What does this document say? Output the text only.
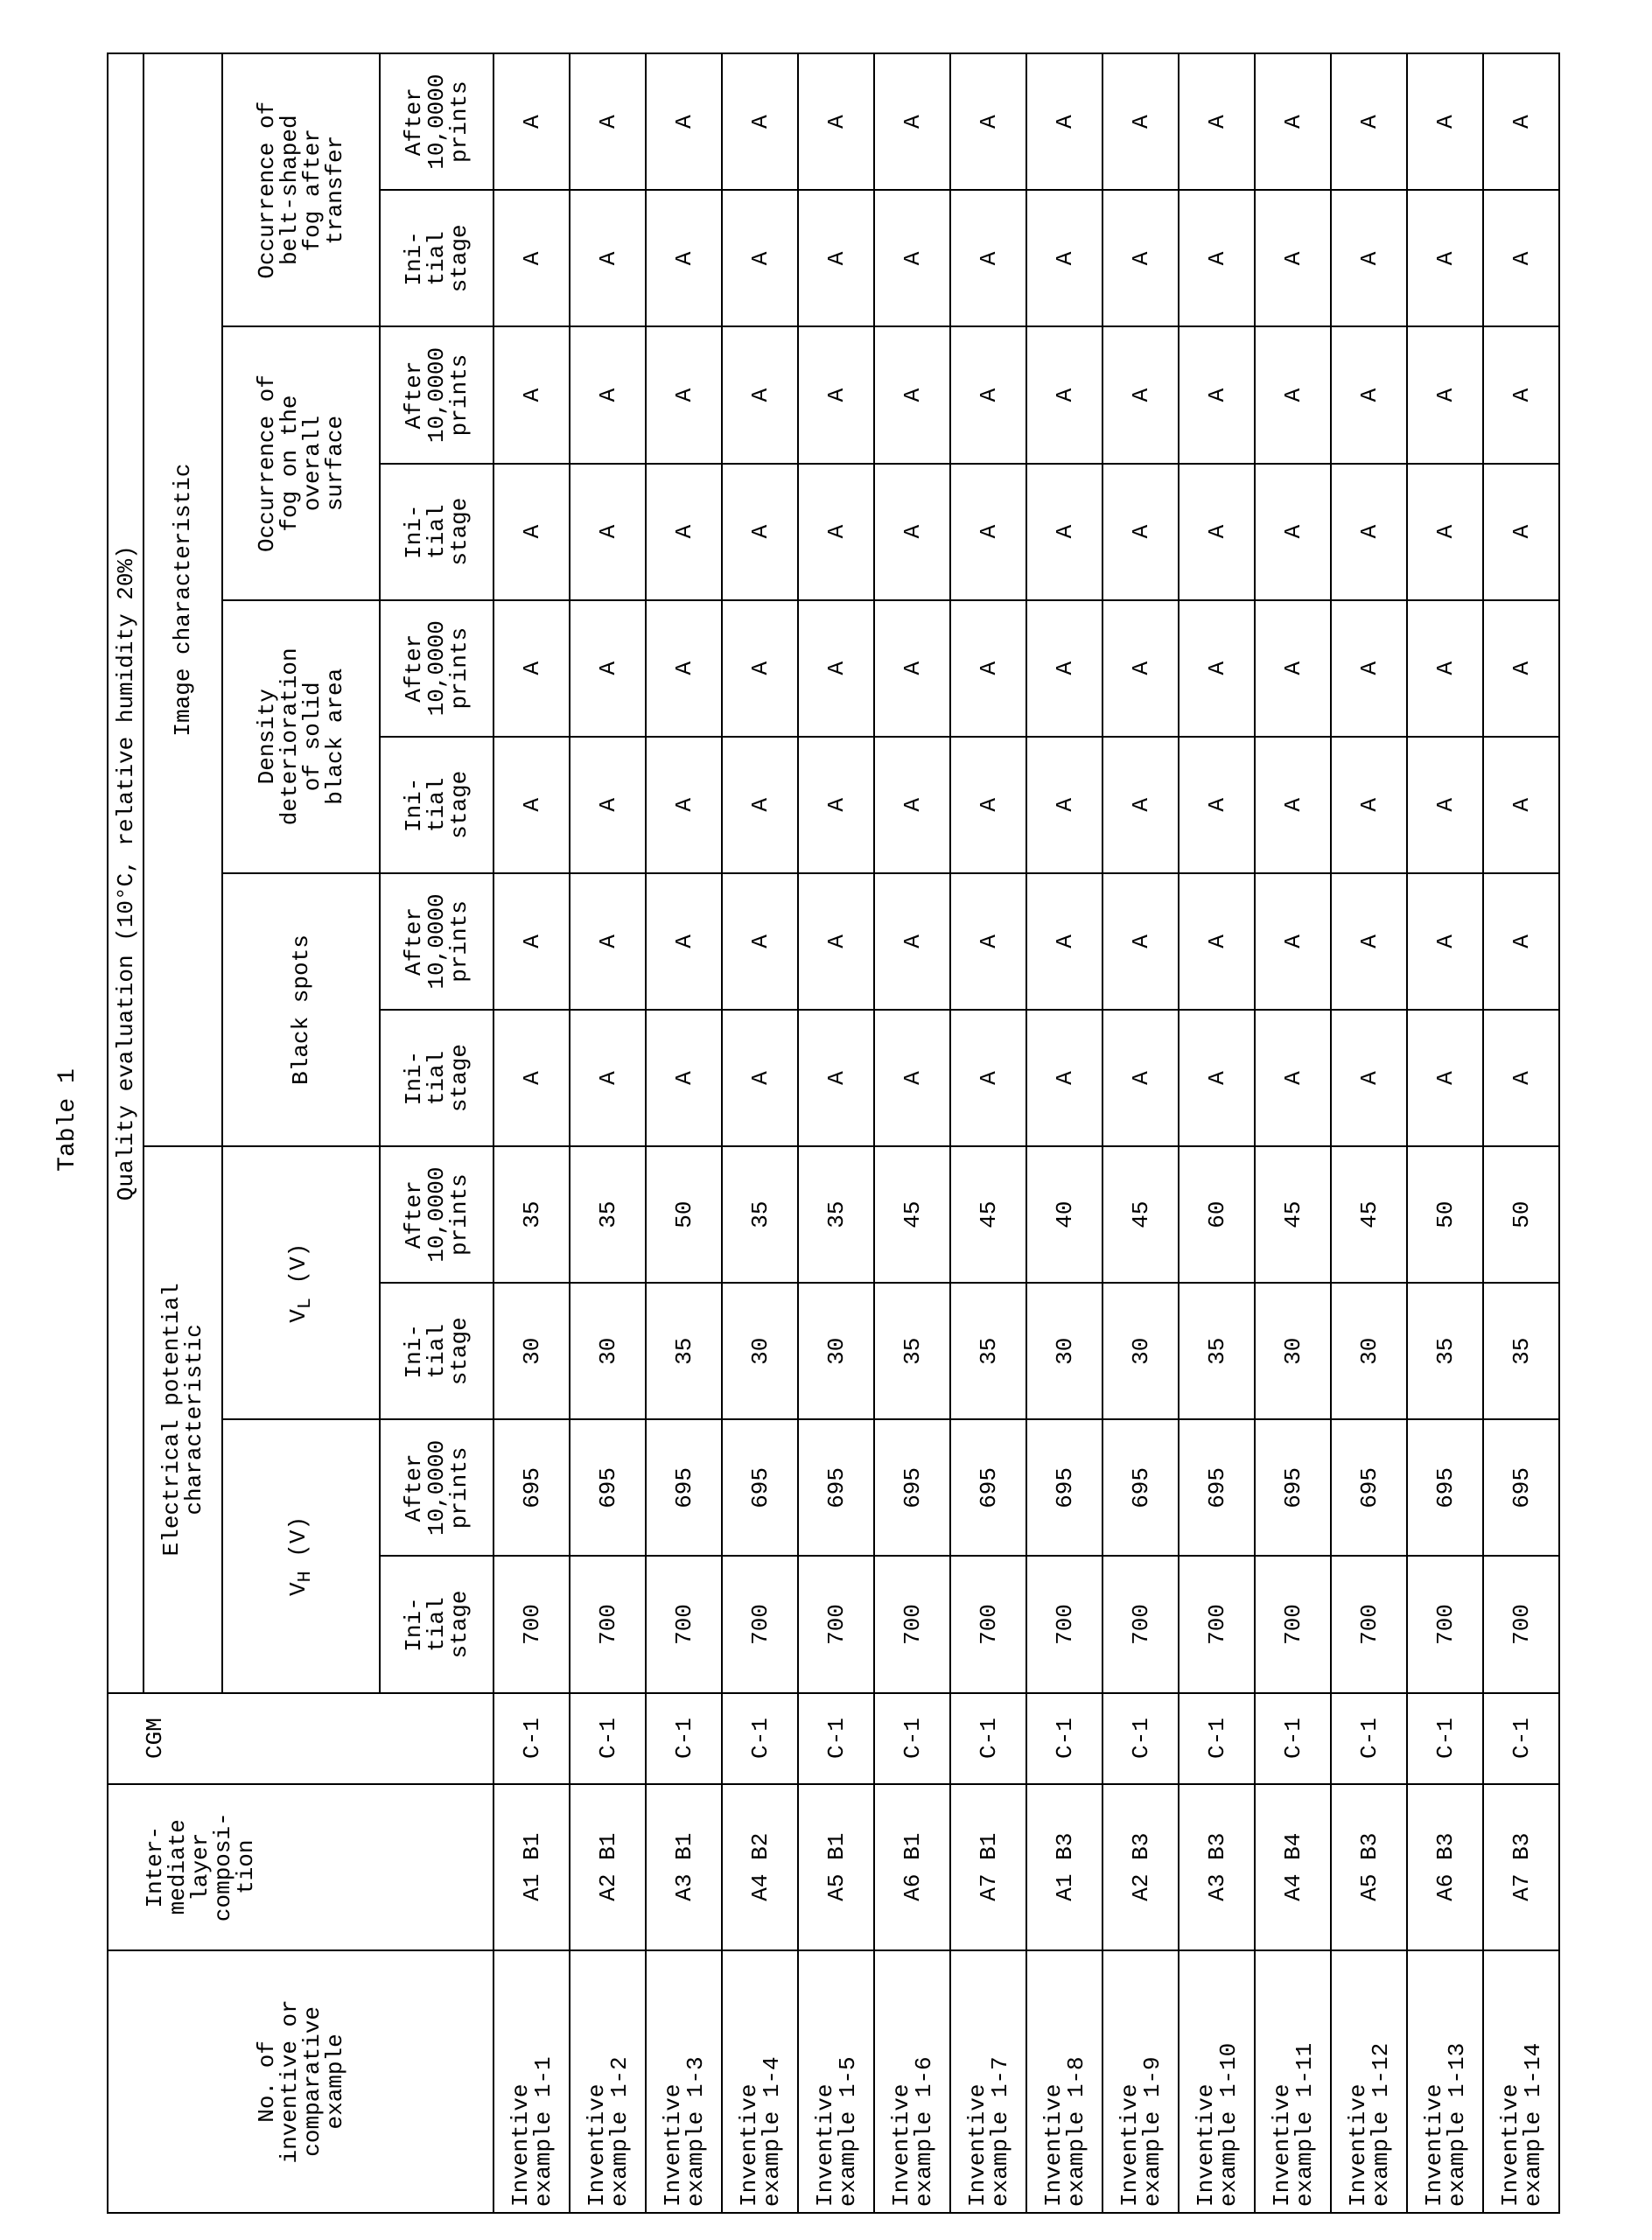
Table 1
No. of
inventive or
comparative
example	Inter-
mediate
layer
composi-
tion	CGM	Quality evaluation (10°C, relative humidity 20%)
Electrical potential
characteristic	Image characteristic
VH (V)	VL (V)	Black spots	Density
deterioration
of solid
black area	Occurrence of
fog on the
overall
surface	Occurrence of
belt-shaped
fog after
transfer
Ini-
tial
stage	After
10,0000
prints	Ini-
tial
stage	After
10,0000
prints	Ini-
tial
stage	After
10,0000
prints	Ini-
tial
stage	After
10,0000
prints	Ini-
tial
stage	After
10,0000
prints	Ini-
tial
stage	After
10,0000
prints

Inventive
example 1-1
	A1 B1	C-1	700	695	30	35	A	A	A	A	A	A	A	A

Inventive
example 1-2
	A2 B1	C-1	700	695	30	35	A	A	A	A	A	A	A	A

Inventive
example 1-3
	A3 B1	C-1	700	695	35	50	A	A	A	A	A	A	A	A

Inventive
example 1-4
	A4 B2	C-1	700	695	30	35	A	A	A	A	A	A	A	A

Inventive
example 1-5
	A5 B1	C-1	700	695	30	35	A	A	A	A	A	A	A	A

Inventive
example 1-6
	A6 B1	C-1	700	695	35	45	A	A	A	A	A	A	A	A

Inventive
example 1-7
	A7 B1	C-1	700	695	35	45	A	A	A	A	A	A	A	A

Inventive
example 1-8
	A1 B3	C-1	700	695	30	40	A	A	A	A	A	A	A	A

Inventive
example 1-9
	A2 B3	C-1	700	695	30	45	A	A	A	A	A	A	A	A

Inventive
example 1-10
	A3 B3	C-1	700	695	35	60	A	A	A	A	A	A	A	A

Inventive
example 1-11
	A4 B4	C-1	700	695	30	45	A	A	A	A	A	A	A	A

Inventive
example 1-12
	A5 B3	C-1	700	695	30	45	A	A	A	A	A	A	A	A

Inventive
example 1-13
	A6 B3	C-1	700	695	35	50	A	A	A	A	A	A	A	A

Inventive
example 1-14
	A7 B3	C-1	700	695	35	50	A	A	A	A	A	A	A	A
